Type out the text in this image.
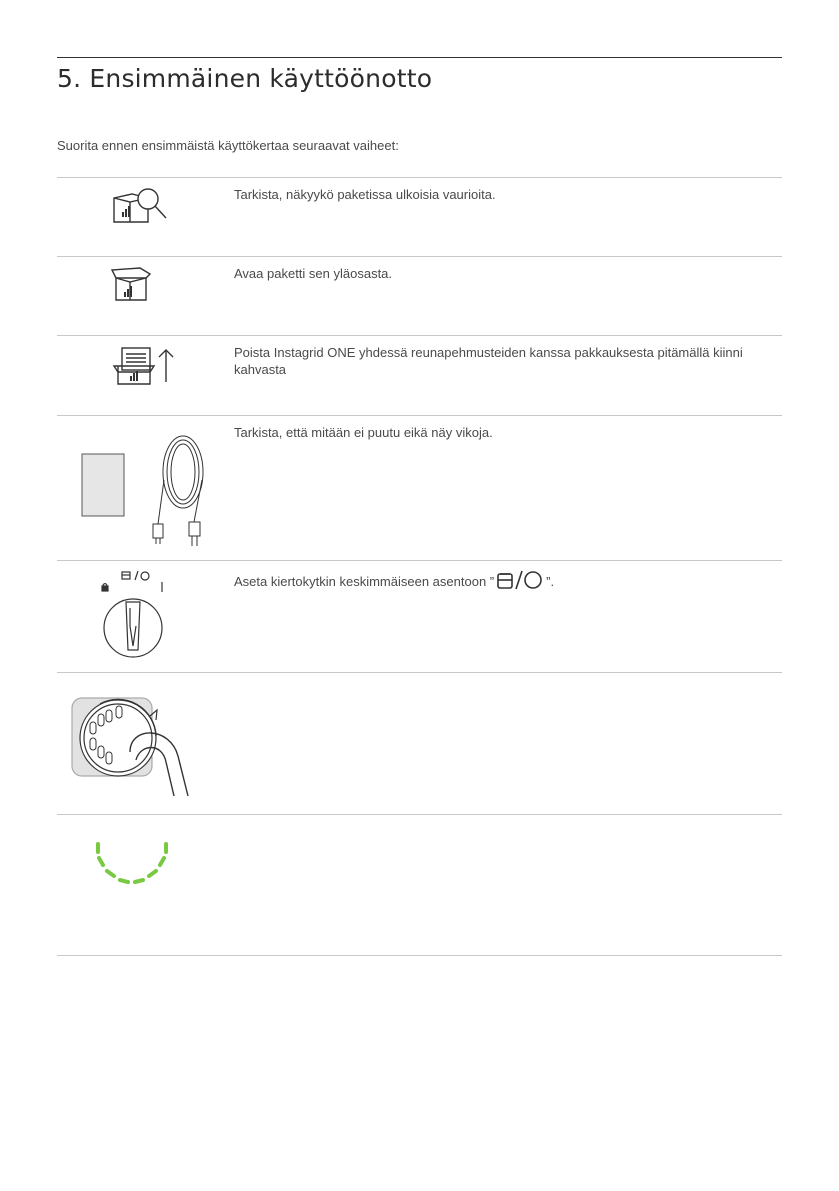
5. Ensimmäinen käyttöönotto

Suorita ennen ensimmäistä käyttökertaa seuraavat vaiheet:

Tarkista, näkyykö paketissa ulkoisia vaurioita.

Avaa paketti sen yläosasta.

Poista Instagrid ONE yhdessä reunapehmusteiden kanssa pakkauksesta pitämällä kiinni kahvasta

Tarkista, että mitään ei puutu eikä näy vikoja.

Aseta kiertokytkin keskimmäiseen asentoon ”	”.
